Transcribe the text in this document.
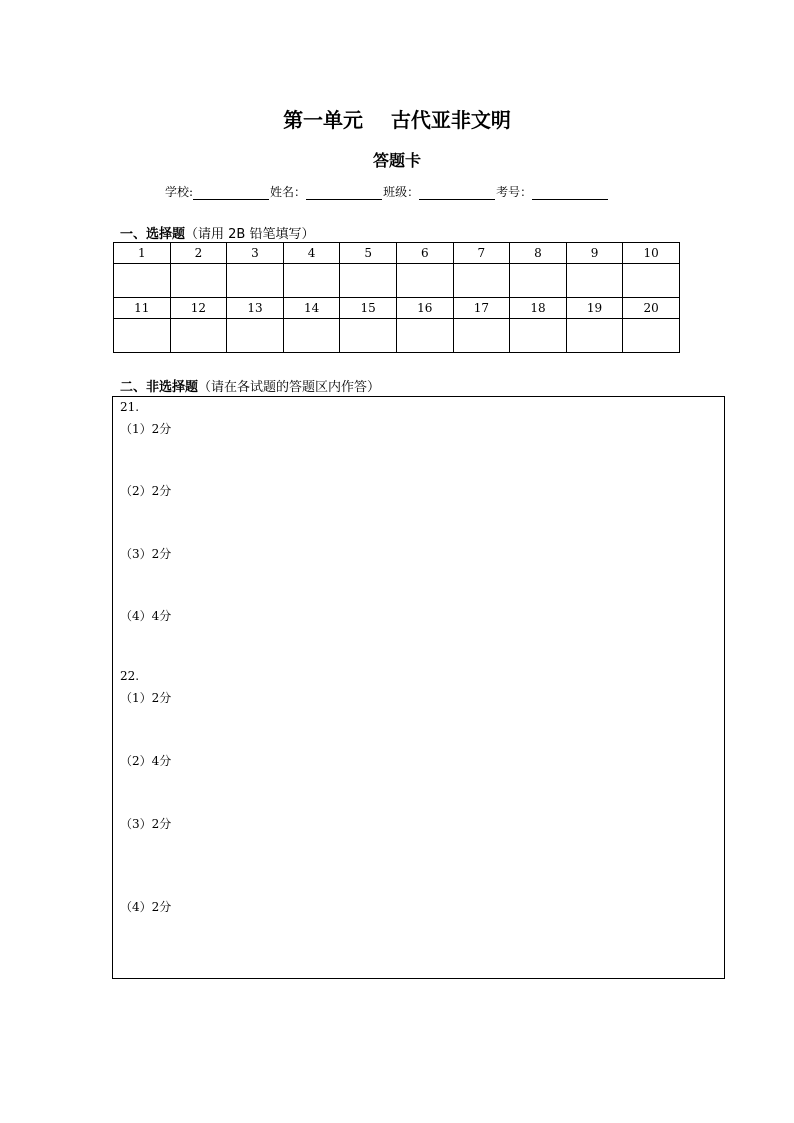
第一单元    古代亚非文明
答题卡
学校:	姓名：	班级：	考号：
一、选择题（请用 2B 铅笔填写）
1	2	3	4	5	6	7	8	9	10

11	12	13	14	15	16	17	18	19	20

二、非选择题（请在各试题的答题区内作答）
21.
（1）2分
（2）2分
（3）2分
（4）4分
22.
（1）2分
（2）4分
（3）2分
（4）2分
